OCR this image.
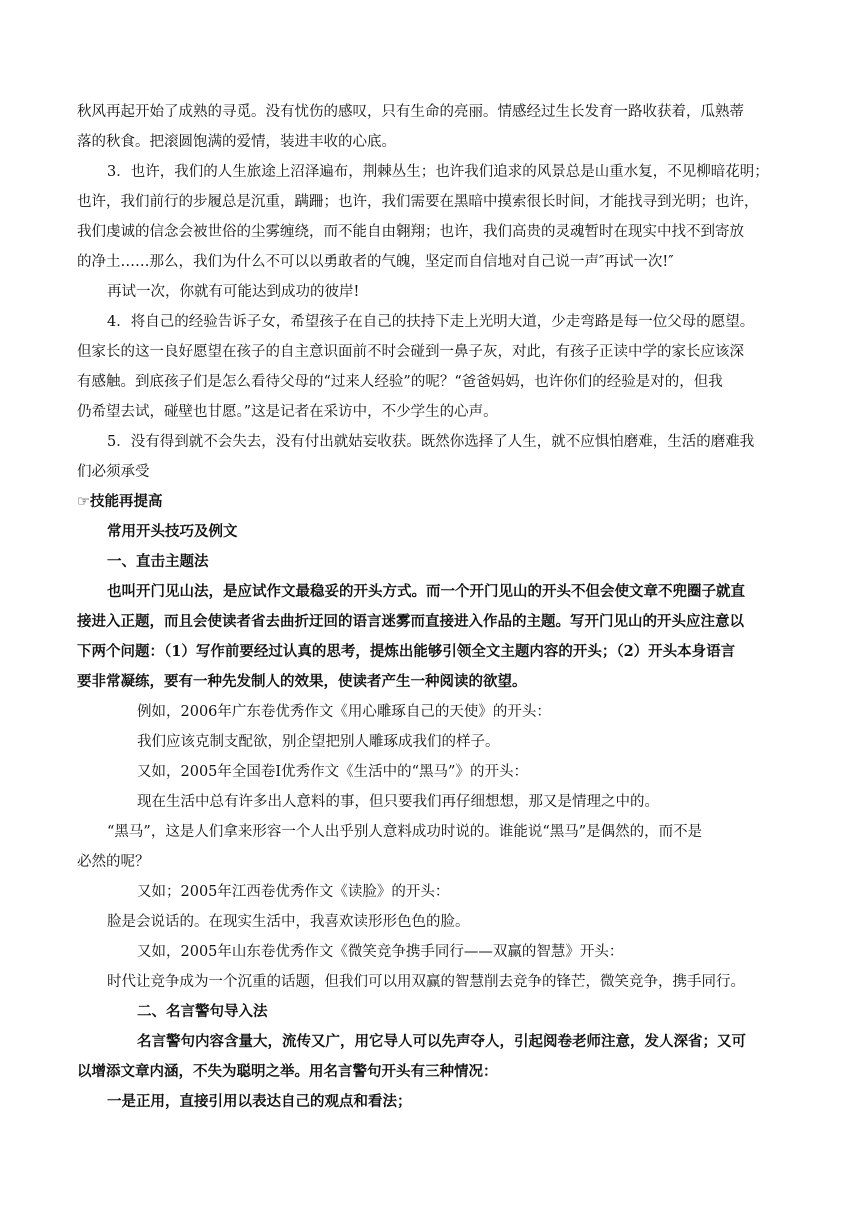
秋风再起开始了成熟的寻觅。没有忧伤的感叹，只有生命的亮丽。情感经过生长发育一路收获着，瓜熟蒂
落的秋食。把滚圆饱满的爱情，装进丰收的心底。
3．也许，我们的人生旅途上沼泽遍布，荆棘丛生；也许我们追求的风景总是山重水复，不见柳暗花明；
也许，我们前行的步履总是沉重，蹒跚；也许，我们需要在黑暗中摸索很长时间，才能找寻到光明；也许，
我们虔诚的信念会被世俗的尘雾缠绕，而不能自由翱翔；也许，我们高贵的灵魂暂时在现实中找不到寄放
的净土……那么，我们为什么不可以以勇敢者的气魄，坚定而自信地对自己说一声″再试一次!″
再试一次，你就有可能达到成功的彼岸!
4．将自己的经验告诉子女，希望孩子在自己的扶持下走上光明大道，少走弯路是每一位父母的愿望。
但家长的这一良好愿望在孩子的自主意识面前不时会碰到一鼻子灰，对此，有孩子正读中学的家长应该深
有感触。到底孩子们是怎么看待父母的“过来人经验”的呢？“爸爸妈妈，也许你们的经验是对的，但我
仍希望去试，碰壁也甘愿。”这是记者在采访中，不少学生的心声。
5．没有得到就不会失去，没有付出就姑妄收获。既然你选择了人生，就不应惧怕磨难，生活的磨难我
们必须承受
☞技能再提高
常用开头技巧及例文
一、直击主题法
也叫开门见山法，是应试作文最稳妥的开头方式。而一个开门见山的开头不但会使文章不兜圈子就直
接进入正题，而且会使读者省去曲折迂回的语言迷雾而直接进入作品的主题。写开门见山的开头应注意以
下两个问题：（1）写作前要经过认真的思考，提炼出能够引领全文主题内容的开头；（2）开头本身语言
要非常凝练，要有一种先发制人的效果，使读者产生一种阅读的欲望。
例如，2006年广东卷优秀作文《用心雕琢自己的天使》的开头：
我们应该克制支配欲，别企望把别人雕琢成我们的样子。
又如，2005年全国卷Ⅰ优秀作文《生活中的“黑马”》的开头：
现在生活中总有许多出人意料的事，但只要我们再仔细想想，那又是情理之中的。
“黑马”，这是人们拿来形容一个人出乎别人意料成功时说的。谁能说“黑马”是偶然的，而不是
必然的呢？
又如；2005年江西卷优秀作文《读脸》的开头：
脸是会说话的。在现实生活中，我喜欢读形形色色的脸。
又如，2005年山东卷优秀作文《微笑竞争携手同行——双赢的智慧》开头：
时代让竞争成为一个沉重的话题，但我们可以用双赢的智慧削去竞争的锋芒，微笑竞争，携手同行。
二、名言警句导入法
名言警句内容含量大，流传又广，用它导人可以先声夺人，引起阅卷老师注意，发人深省；又可
以增添文章内涵，不失为聪明之举。用名言警句开头有三种情况：
一是正用，直接引用以表达自己的观点和看法；
